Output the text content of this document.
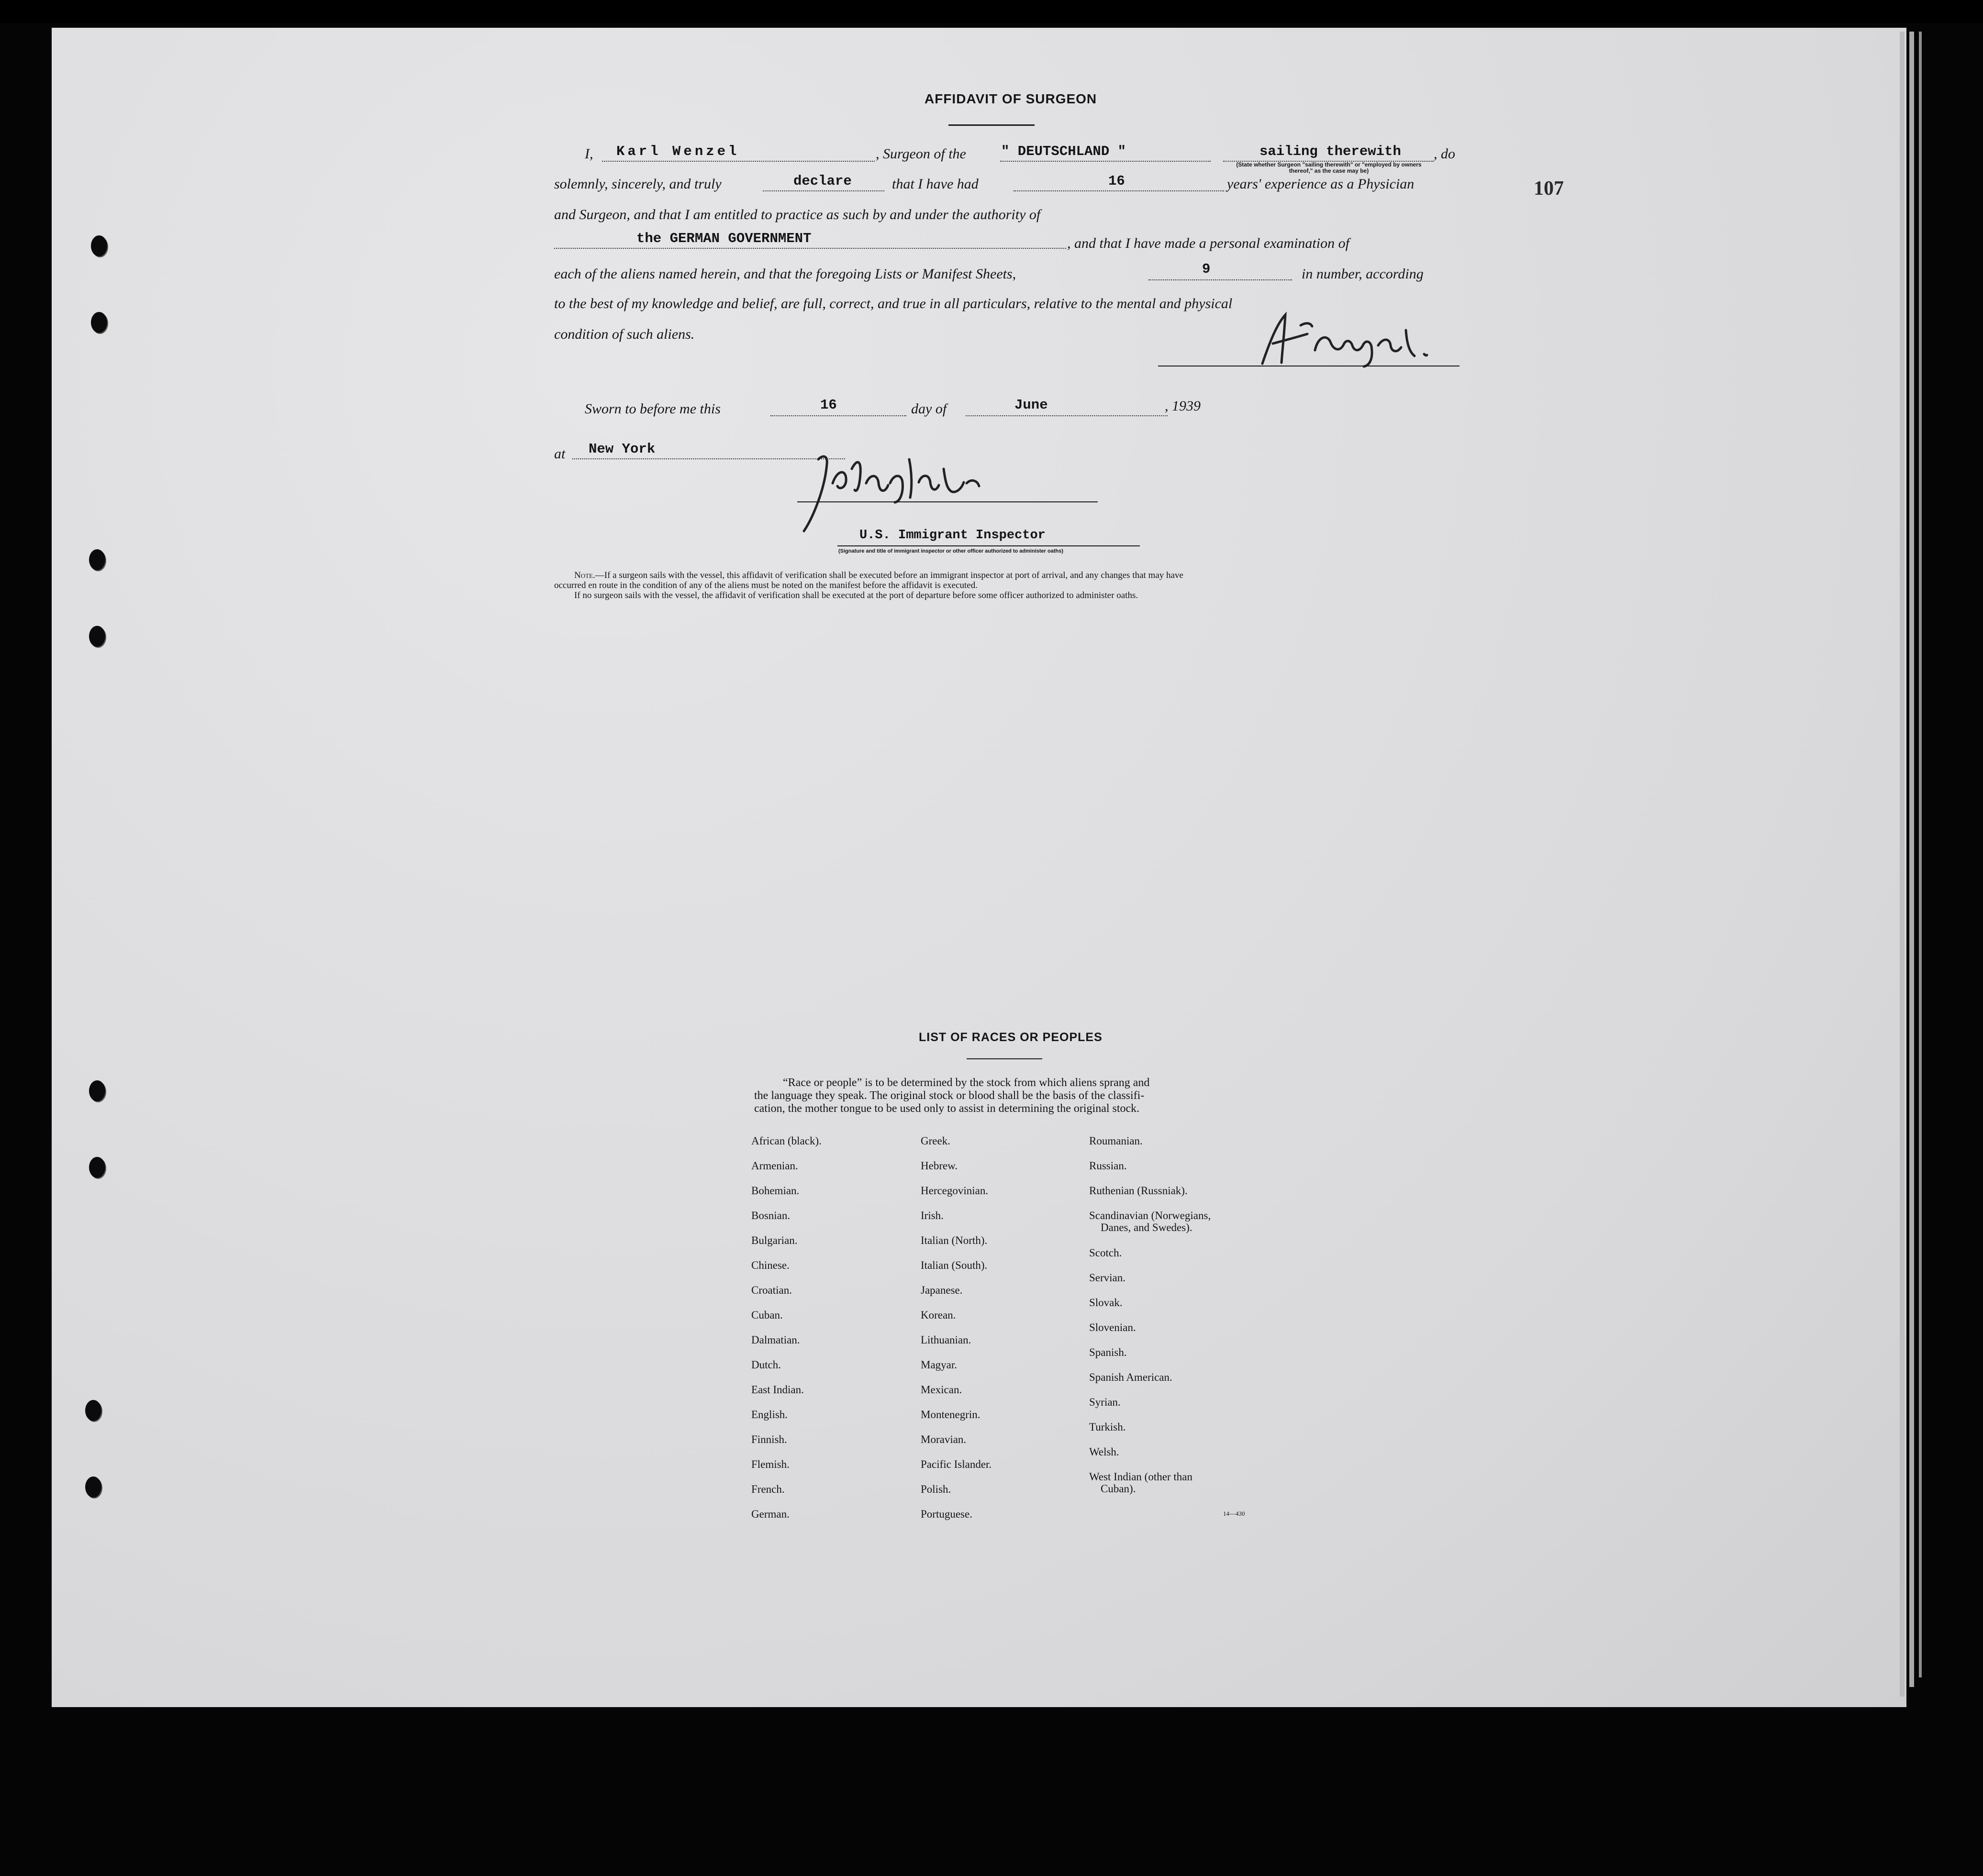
107
AFFIDAVIT OF SURGEON
I, Karl Wenzel	, Surgeon of the	" DEUTSCHLAND "	sailing therewith
(State whether Surgeon "sailing therewith" or "employed by owners thereof," as the case may be)
, do
solemnly, sincerely, and truly	declare	that I have had	16	years' experience as a Physician
and Surgeon, and that I am entitled to practice as such by and under the authority of
the GERMAN GOVERNMENT	, and that I have made a personal examination of
each of the aliens named herein, and that the foregoing Lists or Manifest Sheets,	9	in number, according
to the best of my knowledge and belief, are full, correct, and true in all particulars, relative to the mental and physical
condition of such aliens.
Sworn to before me this	16	day of	June	, 1939
at New York
U.S. Immigrant Inspector
(Signature and title of immigrant inspector or other officer authorized to administer oaths)
Note.—If a surgeon sails with the vessel, this affidavit of verification shall be executed before an immigrant inspector at port of arrival, and any changes that may have
occurred en route in the condition of any of the aliens must be noted on the manifest before the affidavit is executed.
If no surgeon sails with the vessel, the affidavit of verification shall be executed at the port of departure before some officer authorized to administer oaths.
LIST OF RACES OR PEOPLES
“Race or people” is to be determined by the stock from which aliens sprang and
the language they speak. The original stock or blood shall be the basis of the classifi-
cation, the mother tongue to be used only to assist in determining the original stock.
African (black).
Armenian.
Bohemian.
Bosnian.
Bulgarian.
Chinese.
Croatian.
Cuban.
Dalmatian.
Dutch.
East Indian.
English.
Finnish.
Flemish.
French.
German.
Greek.
Hebrew.
Hercegovinian.
Irish.
Italian (North).
Italian (South).
Japanese.
Korean.
Lithuanian.
Magyar.
Mexican.
Montenegrin.
Moravian.
Pacific Islander.
Polish.
Portuguese.
Roumanian.
Russian.
Ruthenian (Russniak).
Scandinavian (Norwegians,
Danes, and Swedes).
Scotch.
Servian.
Slovak.
Slovenian.
Spanish.
Spanish American.
Syrian.
Turkish.
Welsh.
West Indian (other than
Cuban).
14—430
